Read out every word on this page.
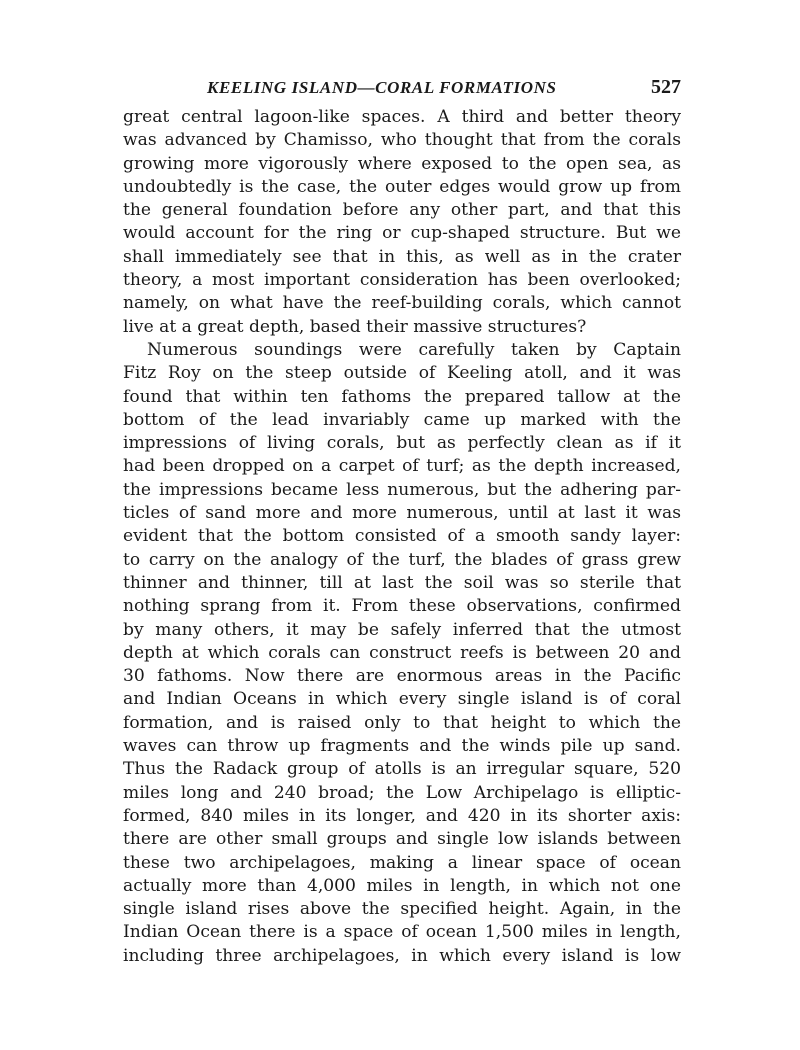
KEELING ISLAND—CORAL FORMATIONS	527
great central lagoon-like spaces. A third and better theory
was advanced by Chamisso, who thought that from the corals
growing more vigorously where exposed to the open sea, as
undoubtedly is the case, the outer edges would grow up from
the general foundation before any other part, and that this
would account for the ring or cup-shaped structure. But we
shall immediately see that in this, as well as in the crater
theory, a most important consideration has been overlooked;
namely, on what have the reef-building corals, which cannot
live at a great depth, based their massive structures?
Numerous soundings were carefully taken by Captain
Fitz Roy on the steep outside of Keeling atoll, and it was
found that within ten fathoms the prepared tallow at the
bottom of the lead invariably came up marked with the
impressions of living corals, but as perfectly clean as if it
had been dropped on a carpet of turf; as the depth increased,
the impressions became less numerous, but the adhering par-
ticles of sand more and more numerous, until at last it was
evident that the bottom consisted of a smooth sandy layer:
to carry on the analogy of the turf, the blades of grass grew
thinner and thinner, till at last the soil was so sterile that
nothing sprang from it. From these observations, confirmed
by many others, it may be safely inferred that the utmost
depth at which corals can construct reefs is between 20 and
30 fathoms. Now there are enormous areas in the Pacific
and Indian Oceans in which every single island is of coral
formation, and is raised only to that height to which the
waves can throw up fragments and the winds pile up sand.
Thus the Radack group of atolls is an irregular square, 520
miles long and 240 broad; the Low Archipelago is elliptic-
formed, 840 miles in its longer, and 420 in its shorter axis:
there are other small groups and single low islands between
these two archipelagoes, making a linear space of ocean
actually more than 4,000 miles in length, in which not one
single island rises above the specified height. Again, in the
Indian Ocean there is a space of ocean 1,500 miles in length,
including three archipelagoes, in which every island is low
